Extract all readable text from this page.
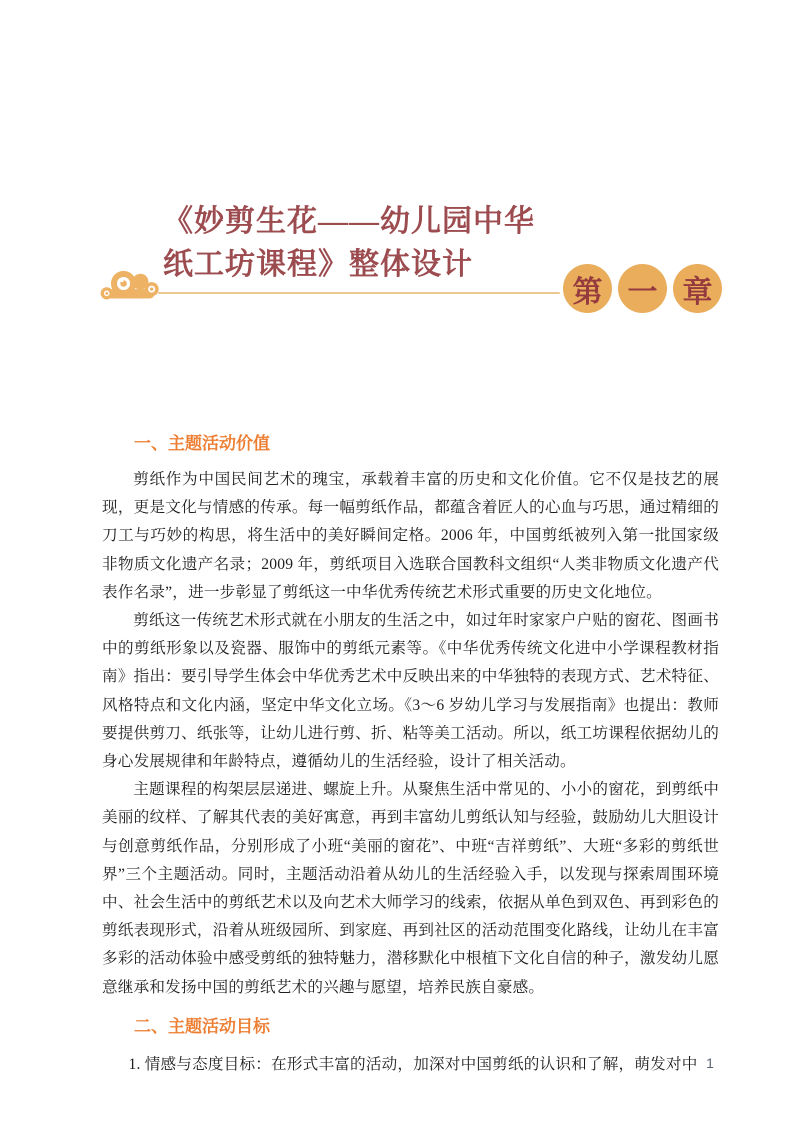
《妙剪生花——幼儿园中华
纸工坊课程》整体设计
第 一 章
一、主题活动价值

剪纸作为中国民间艺术的瑰宝，承载着丰富的历史和文化价值。它不仅是技艺的展现，更是文化与情感的传承。每一幅剪纸作品，都蕴含着匠人的心血与巧思，通过精细的刀工与巧妙的构思，将生活中的美好瞬间定格。2006 年，中国剪纸被列入第一批国家级非物质文化遗产名录；2009 年，剪纸项目入选联合国教科文组织“人类非物质文化遗产代表作名录”，进一步彰显了剪纸这一中华优秀传统艺术形式重要的历史文化地位。

剪纸这一传统艺术形式就在小朋友的生活之中，如过年时家家户户贴的窗花、图画书中的剪纸形象以及瓷器、服饰中的剪纸元素等。《中华优秀传统文化进中小学课程教材指南》指出：要引导学生体会中华优秀艺术中反映出来的中华独特的表现方式、艺术特征、风格特点和文化内涵，坚定中华文化立场。《3～6 岁幼儿学习与发展指南》也提出：教师要提供剪刀、纸张等，让幼儿进行剪、折、粘等美工活动。所以，纸工坊课程依据幼儿的身心发展规律和年龄特点，遵循幼儿的生活经验，设计了相关活动。

主题课程的构架层层递进、螺旋上升。从聚焦生活中常见的、小小的窗花，到剪纸中美丽的纹样、了解其代表的美好寓意，再到丰富幼儿剪纸认知与经验，鼓励幼儿大胆设计与创意剪纸作品，分别形成了小班“美丽的窗花”、中班“吉祥剪纸”、大班“多彩的剪纸世界”三个主题活动。同时，主题活动沿着从幼儿的生活经验入手，以发现与探索周围环境中、社会生活中的剪纸艺术以及向艺术大师学习的线索，依据从单色到双色、再到彩色的剪纸表现形式，沿着从班级园所、到家庭、再到社区的活动范围变化路线，让幼儿在丰富多彩的活动体验中感受剪纸的独特魅力，潜移默化中根植下文化自信的种子，激发幼儿愿意继承和发扬中国的剪纸艺术的兴趣与愿望，培养民族自豪感。

二、主题活动目标

1. 情感与态度目标：在形式丰富的活动，加深对中国剪纸的认识和了解，萌发对中 1
